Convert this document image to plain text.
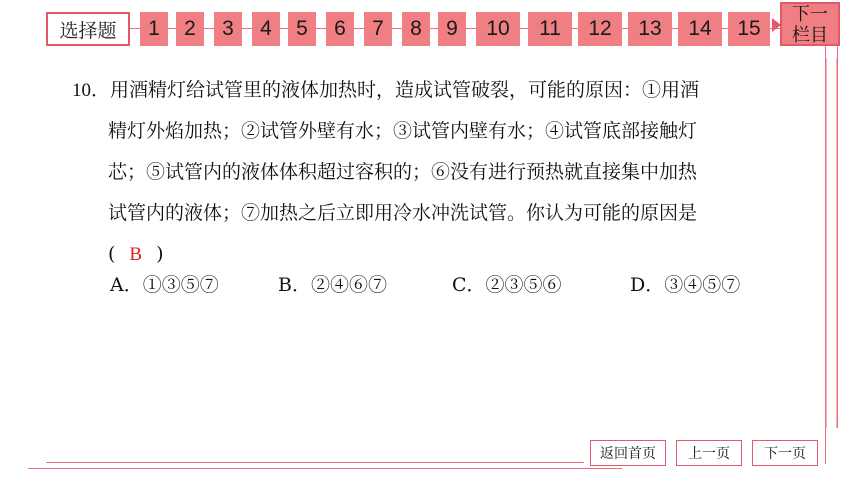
选择题	1	2	3	4	5	6	7	8	9	10	11	12	13	14	15
下一
栏目
10．用酒精灯给试管里的液体加热时，造成试管破裂，可能的原因：①用酒
精灯外焰加热；②试管外壁有水；③试管内壁有水；④试管底部接触灯
芯；⑤试管内的液体体积超过容积的；⑥没有进行预热就直接集中加热
试管内的液体；⑦加热之后立即用冷水冲洗试管。你认为可能的原因是
( B )
A．①③⑤⑦	B．②④⑥⑦	C．②③⑤⑥	D．③④⑤⑦
返回首页	上一页	下一页
